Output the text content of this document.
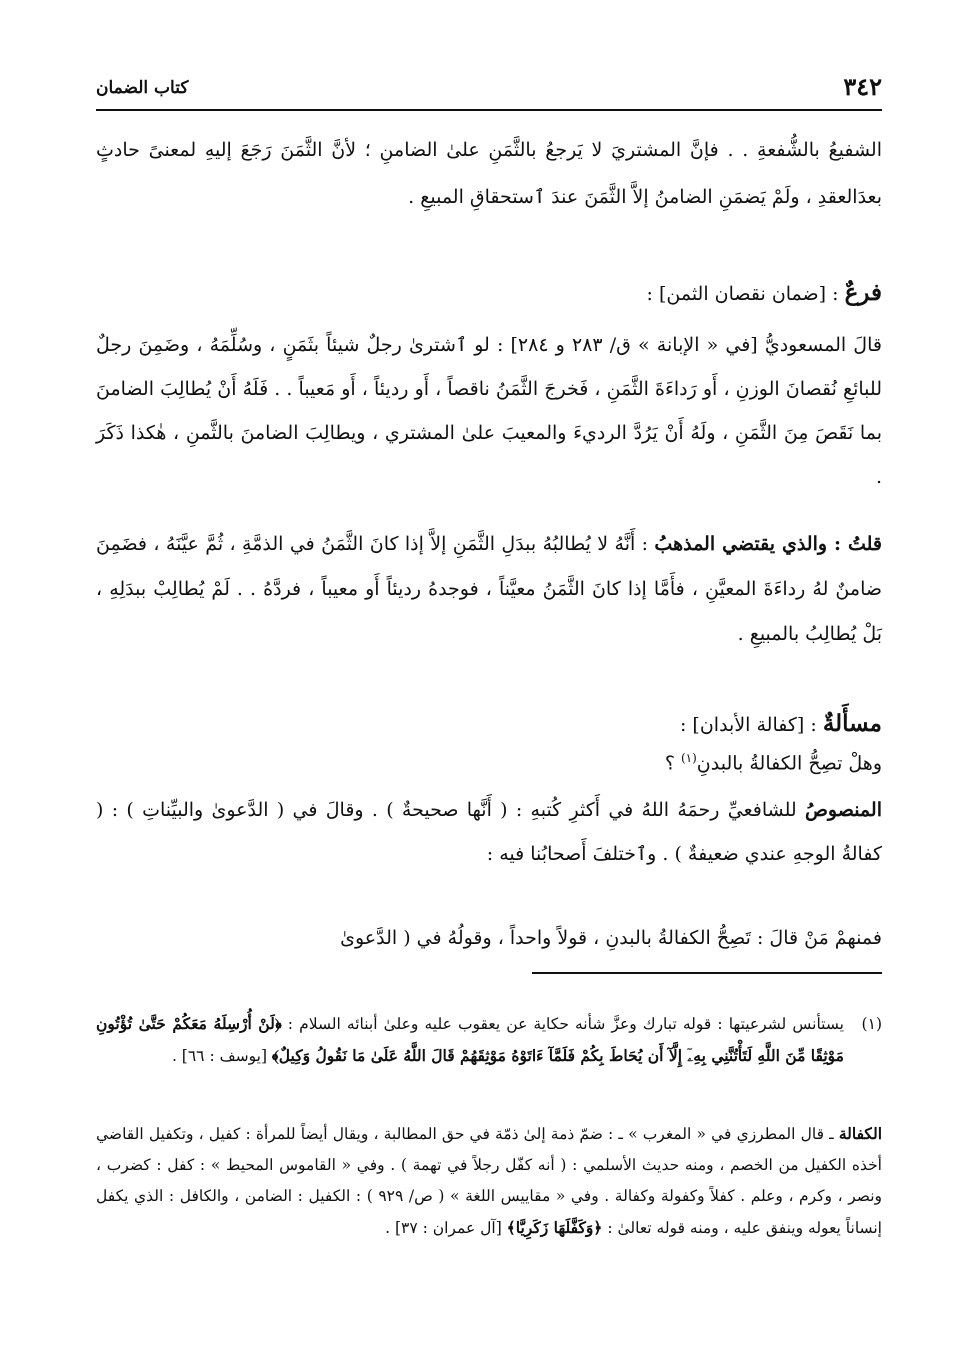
٣٤٢
كتاب الضمان
الشفيعُ بالشُّفعةِ . . فإنَّ المشتريَ لا يَرجعُ بالثَّمَنِ علىٰ الضامنِ ؛ لأنَّ الثَّمَنَ رَجَعَ إليهِ لمعنىً حادثٍ بعدَالعقدِ ، ولَمْ يَضمَنِ الضامنُ إلاَّ الثَّمَنَ عندَ ٱستحقاقِ المبيعِ .
فرعٌ : [ضمان نقصان الثمن] :
قالَ المسعوديُّ [في « الإبانة » ق/ ٢٨٣ و ٢٨٤] : لو ٱشترىٰ رجلٌ شيئاً بثَمَنٍ ، وسُلِّمَهُ ، وضَمِنَ رجلٌ للبائعِ نُقصانَ الوزنِ ، أَو رَداءَةَ الثَّمَنِ ، فَخرجَ الثَّمَنُ ناقصاً ، أَو رديئاً ، أَو مَعيباً . . فَلَهُ أَنْ يُطالِبَ الضامنَ بما نَقَصَ مِنَ الثَّمَنِ ، ولَهُ أَنْ يَرُدَّ الرديءَ والمعيبَ علىٰ المشتري ، ويطالِبَ الضامنَ بالثَّمنِ ، هٰكذا ذَكَرَ .
قلتُ : والذي يقتضي المذهبُ : أَنَّهُ لا يُطالبُهُ ببدَلِ الثَّمَنِ إلاَّ إذا كانَ الثَّمَنُ في الذمَّةِ ، ثُمَّ عيَّنَهُ ، فضَمِنَ ضامنٌ لهُ رداءَةَ المعيَّنِ ، فأَمَّا إذا كانَ الثَّمَنُ معيَّناً ، فوجدهُ رديئاً أَو معيباً ، فردَّهُ . . لَمْ يُطالِبْ ببدَلِهِ ، بَلْ يُطالِبُ بالمبيعِ .
مسأَلةٌ : [كفالة الأبدان] :
وهلْ تصِحُّ الكفالةُ بالبدنِ$^{(١)}$ ؟
المنصوصُ للشافعيِّ رحمَهُ اللهُ في أَكثرِ كُتبهِ : ( أَنَّها صحيحةٌ ) . وقالَ في ( الدَّعوىٰ والبيِّناتِ ) : ( كفالةُ الوجهِ عندي ضعيفةٌ ) . وٱختلفَ أَصحابُنا فيه :
فمنهمْ مَنْ قالَ : تَصِحُّ الكفالةُ بالبدنِ ، قولاً واحداً ، وقولُهُ في ( الدَّعوىٰ
(١)
يستأنس لشرعيتها : قوله تبارك وعزَّ شأنه حكاية عن يعقوب عليه وعلىٰ أبنائه السلام : ﴿لَنْ أُرْسِلَهُ مَعَكُمْ حَتَّىٰ تُؤْتُونِ مَوْثِقًا مِّنَ اللَّهِ لَتَأْتُنَّنِي بِهِۦٓ إِلَّآ أَن يُحَاطَ بِكُمْ فَلَمَّآ ءَاتَوْهُ مَوْثِقَهُمْ قَالَ اللَّهُ عَلَىٰ مَا نَقُولُ وَكِيلٌ﴾ [يوسف : ٦٦] .
الكفالة ـ قال المطرزي في « المغرب » ـ : ضمّ ذمة إلىٰ ذمّة في حق المطالبة ، ويقال أيضاً للمرأة : كفيل ، وتكفيل القاضي أخذه الكفيل من الخصم ، ومنه حديث الأسلمي : ( أنه كفّل رجلاً في تهمة ) . وفي « القاموس المحيط » : كفل : كضرب ، ونصر ، وكرم ، وعلم . كفلاً وكفولة وكفالة . وفي « مقاييس اللغة » ( ص/ ٩٢٩ ) : الكفيل : الضامن ، والكافل : الذي يكفل إنساناً يعوله وينفق عليه ، ومنه قوله تعالىٰ : ﴿وَكَفَّلَهَا زَكَرِيَّا﴾ [آل عمران : ٣٧] .
